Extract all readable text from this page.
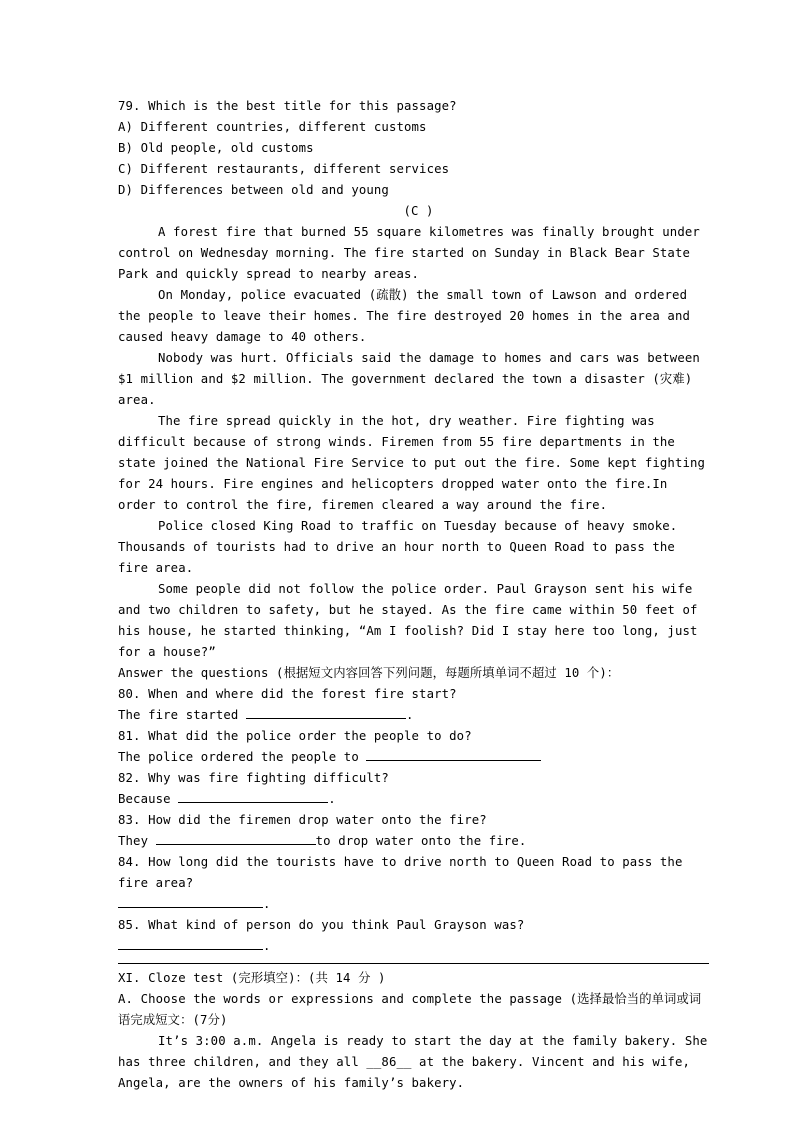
79. Which is the best title for this passage?

A) Different countries, different customs

B) Old people, old customs

C) Different restaurants, different services

D) Differences between old and young

(C )

A forest fire that burned 55 square kilometres was finally brought under control on Wednesday morning. The fire started on Sunday in Black Bear State Park and quickly spread to nearby areas.

On Monday, police evacuated (疏散) the small town of Lawson and ordered the people to leave their homes. The fire destroyed 20 homes in the area and caused heavy damage to 40 others.

Nobody was hurt. Officials said the damage to homes and cars was between $1 million and $2 million. The government declared the town a disaster (灾难) area.

The fire spread quickly in the hot, dry weather. Fire fighting was difficult because of strong winds. Firemen from 55 fire departments in the state joined the National Fire Service to put out the fire. Some kept fighting for 24 hours. Fire engines and helicopters dropped water onto the fire.In order to control the fire, firemen cleared a way around the fire.

Police closed King Road to traffic on Tuesday because of heavy smoke. Thousands of tourists had to drive an hour north to Queen Road to pass the fire area.

Some people did not follow the police order. Paul Grayson sent his wife and two children to safety, but he stayed. As the fire came within 50 feet of his house, he started thinking, “Am I foolish? Did I stay here too long, just for a house?”

Answer the questions (根据短文内容回答下列问题，每题所填单词不超过 10 个)：

80. When and where did the forest fire start?

The fire started	.

81. What did the police order the people to do?

The police ordered the people to

82. Why was fire fighting difficult?

Because	.

83. How did the firemen drop water onto the fire?

They	to drop water onto the fire.

84. How long did the tourists have to drive north to Queen Road to pass the fire area?

.

85. What kind of person do you think Paul Grayson was?

.

XI. Cloze test (完形填空)：(共 14 分 )

A. Choose the words or expressions and complete the passage (选择最恰当的单词或词语完成短文：(7分)

It’s 3:00 a.m. Angela is ready to start the day at the family bakery. She has three children, and they all __86__ at the bakery. Vincent and his wife, Angela, are the owners of his family’s bakery.
